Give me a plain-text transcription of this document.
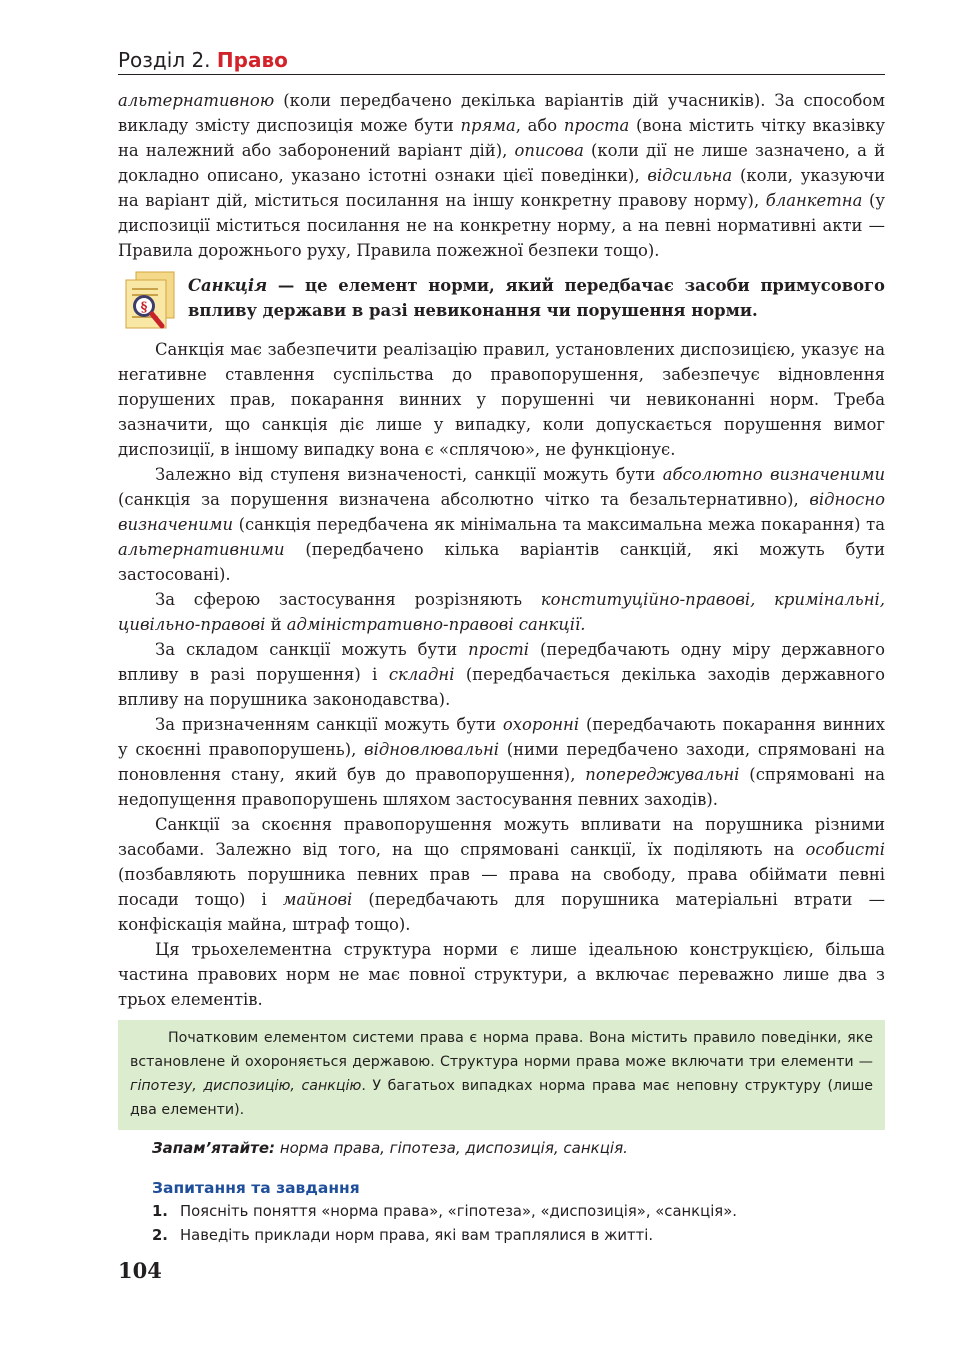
Розділ 2. Право

альтернативною (коли передбачено декілька варіантів дій учасників). За способом викладу змісту диспозиція може бути пряма, або проста (вона містить чітку вказівку на належний або заборонений варіант дій), описова (коли дії не лише зазначено, а й докладно описано, указано істотні ознаки цієї поведінки), відсильна (коли, указуючи на варіант дій, міститься посилання на іншу конкретну правову норму), бланкетна (у диспозиції міститься посилання не на конкретну норму, а на певні нормативні акти — Правила дорожнього руху, Правила пожежної безпеки тощо).

§

Санкція — це елемент норми, який передбачає засоби примусового впливу держави в разі невиконання чи порушення норми.

Санкція має забезпечити реалізацію правил, установлених диспозицією, указує на негативне ставлення суспільства до правопорушення, забезпечує відновлення порушених прав, покарання винних у порушенні чи невиконанні норм. Треба зазначити, що санкція діє лише у випадку, коли допускається порушення вимог диспозиції, в іншому випадку вона є «сплячою», не функціонує.

Залежно від ступеня визначеності, санкції можуть бути абсолютно визначеними (санкція за порушення визначена абсолютно чітко та безальтернативно), відносно визначеними (санкція передбачена як мінімальна та максимальна межа покарання) та альтернативними (передбачено кілька варіантів санкцій, які можуть бути застосовані).

За сферою застосування розрізняють конституційно-правові, кримінальні, цивільно-правові й адміністративно-правові санкції.

За складом санкції можуть бути прості (передбачають одну міру державного впливу в разі порушення) і складні (передбачається декілька заходів державного впливу на порушника законодавства).

За призначенням санкції можуть бути охоронні (передбачають покарання винних у скоєнні правопорушень), відновлювальні (ними передбачено заходи, спрямовані на поновлення стану, який був до правопорушення), попереджувальні (спрямовані на недопущення правопорушень шляхом застосування певних заходів).

Санкції за скоєння правопорушення можуть впливати на порушника різними засобами. Залежно від того, на що спрямовані санкції, їх поділяють на особисті (позбавляють порушника певних прав — права на свободу, права обіймати певні посади тощо) і майнові (передбачають для порушника матеріальні втрати — конфіскація майна, штраф тощо).

Ця трьохелементна структура норми є лише ідеальною конструкцією, більша частина правових норм не має повної структури, а включає переважно лише два з трьох елементів.

Початковим елементом системи права є норма права. Вона містить правило поведінки, яке встановлене й охороняється державою. Структура норми права може включати три елементи — гіпотезу, диспозицію, санкцію. У багатьох випадках норма права має неповну структуру (лише два елементи).

Запам’ятайте: норма права, гіпотеза, диспозиція, санкція.
Запитання та завдання
1. Поясніть поняття «норма права», «гіпотеза», «диспозиція», «санкція».
2. Наведіть приклади норм права, які вам траплялися в житті.
104
